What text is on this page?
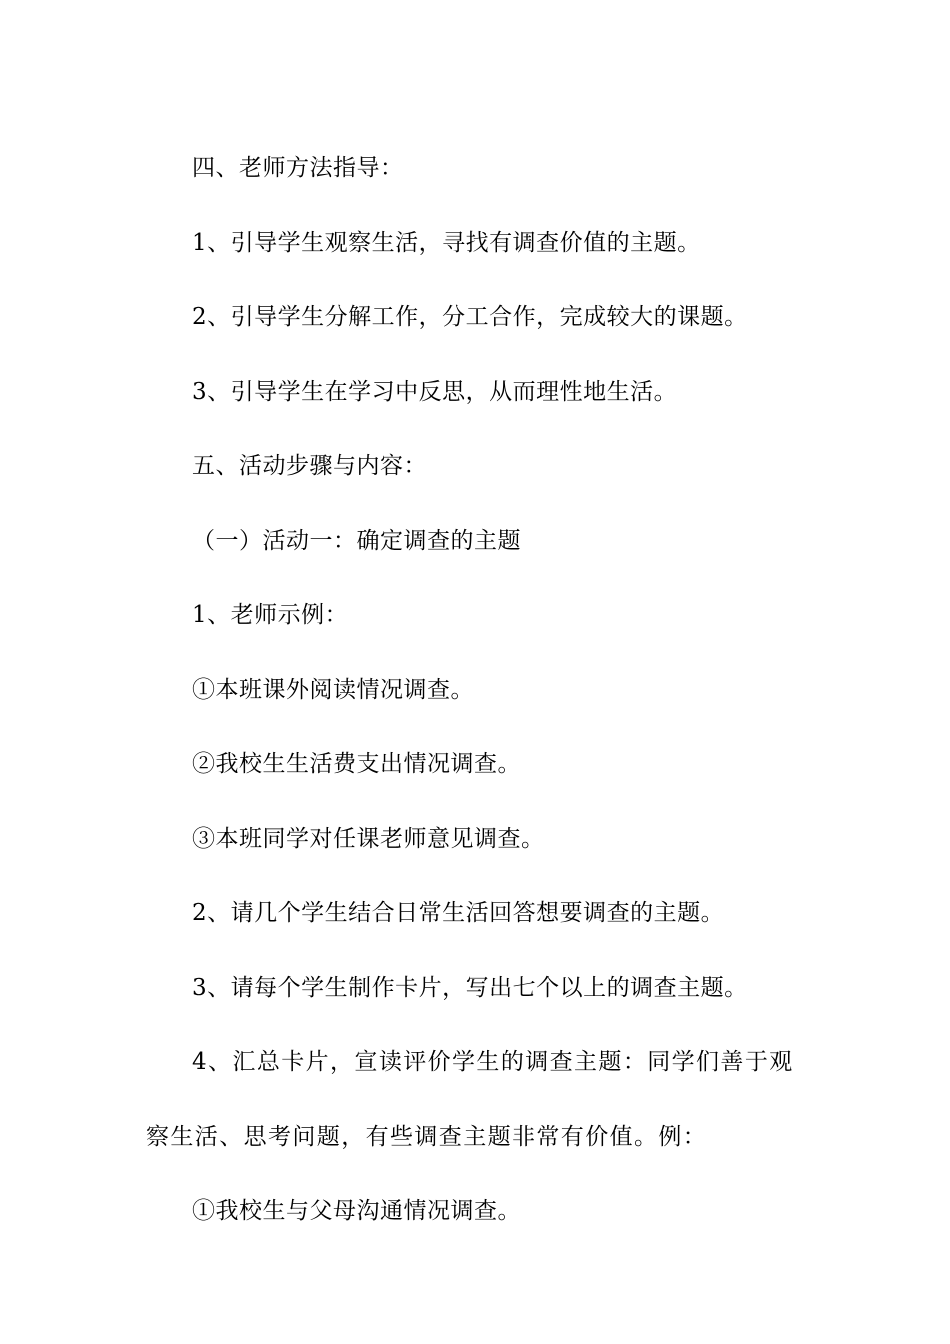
四、老师方法指导：

1、引导学生观察生活，寻找有调查价值的主题。

2、引导学生分解工作，分工合作，完成较大的课题。

3、引导学生在学习中反思，从而理性地生活。

五、活动步骤与内容：

（一）活动一：确定调查的主题

1、老师示例：

①本班课外阅读情况调查。

②我校生生活费支出情况调查。

③本班同学对任课老师意见调查。

2、请几个学生结合日常生活回答想要调查的主题。

3、请每个学生制作卡片，写出七个以上的调查主题。

4、汇总卡片，宣读评价学生的调查主题：同学们善于观察生活、思考问题，有些调查主题非常有价值。例：

①我校生与父母沟通情况调查。
